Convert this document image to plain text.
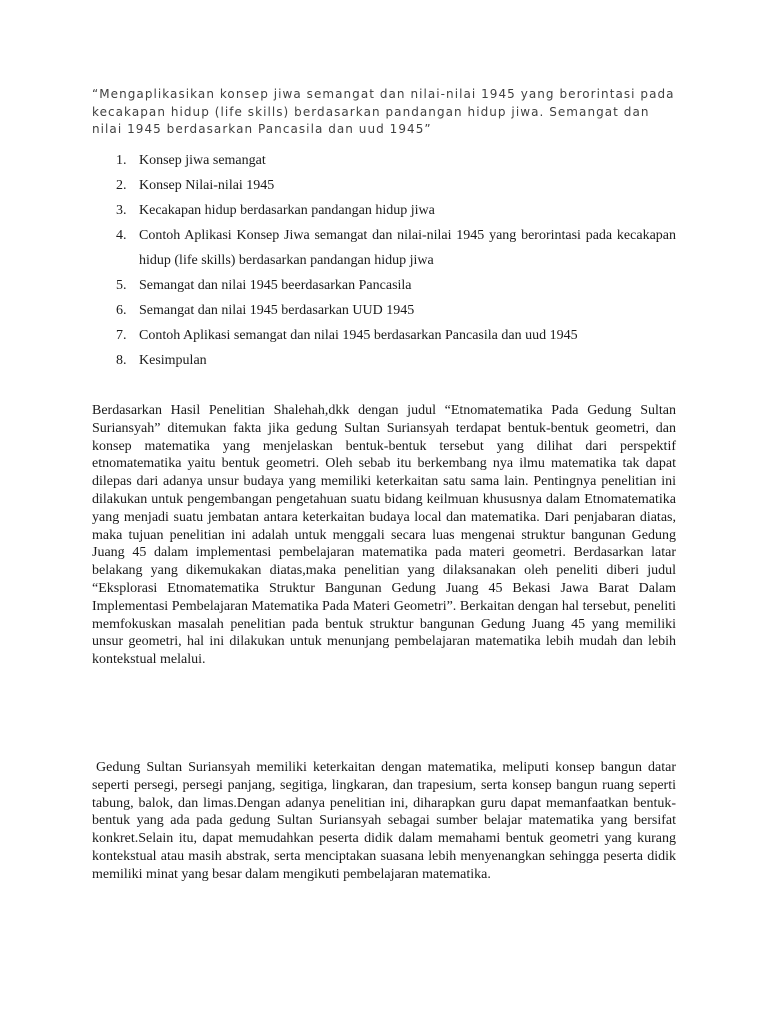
“Mengaplikasikan konsep jiwa semangat dan nilai-nilai 1945 yang berorintasi pada kecakapan hidup (life skills) berdasarkan pandangan hidup jiwa. Semangat dan nilai 1945 berdasarkan Pancasila dan uud 1945”

1. Konsep jiwa semangat
2. Konsep Nilai-nilai 1945
3. Kecakapan hidup berdasarkan pandangan hidup jiwa
4. Contoh Aplikasi Konsep Jiwa semangat dan nilai-nilai 1945 yang berorintasi pada kecakapan hidup (life skills) berdasarkan pandangan hidup jiwa
5. Semangat dan nilai 1945 beerdasarkan Pancasila
6. Semangat dan nilai 1945 berdasarkan UUD 1945
7. Contoh Aplikasi semangat dan nilai 1945 berdasarkan Pancasila dan uud 1945
8. Kesimpulan

Berdasarkan Hasil Penelitian Shalehah,dkk dengan judul “Etnomatematika Pada Gedung Sultan Suriansyah” ditemukan fakta jika gedung Sultan Suriansyah terdapat bentuk-bentuk geometri, dan konsep matematika yang menjelaskan bentuk-bentuk tersebut yang dilihat dari perspektif etnomatematika yaitu bentuk geometri. Oleh sebab itu berkembang nya ilmu matematika tak dapat dilepas dari adanya unsur budaya yang memiliki keterkaitan satu sama lain. Pentingnya penelitian ini dilakukan untuk pengembangan pengetahuan suatu bidang keilmuan khususnya dalam Etnomatematika yang menjadi suatu jembatan antara keterkaitan budaya local dan matematika. Dari penjabaran diatas, maka tujuan penelitian ini adalah untuk menggali secara luas mengenai struktur bangunan Gedung Juang 45 dalam implementasi pembelajaran matematika pada materi geometri. Berdasarkan latar belakang yang dikemukakan diatas,maka penelitian yang dilaksanakan oleh peneliti diberi judul “Eksplorasi Etnomatematika Struktur Bangunan Gedung Juang 45 Bekasi Jawa Barat Dalam Implementasi Pembelajaran Matematika Pada Materi Geometri”. Berkaitan dengan hal tersebut, peneliti memfokuskan masalah penelitian pada bentuk struktur bangunan Gedung Juang 45 yang memiliki unsur geometri, hal ini dilakukan untuk menunjang pembelajaran matematika lebih mudah dan lebih kontekstual melalui.

Gedung Sultan Suriansyah memiliki keterkaitan dengan matematika, meliputi konsep bangun datar seperti persegi, persegi panjang, segitiga, lingkaran, dan trapesium, serta konsep bangun ruang seperti tabung, balok, dan limas.Dengan adanya penelitian ini, diharapkan guru dapat memanfaatkan bentuk-bentuk yang ada pada gedung Sultan Suriansyah sebagai sumber belajar matematika yang bersifat konkret.Selain itu, dapat memudahkan peserta didik dalam memahami bentuk geometri yang kurang kontekstual atau masih abstrak, serta menciptakan suasana lebih menyenangkan sehingga peserta didik memiliki minat yang besar dalam mengikuti pembelajaran matematika.
